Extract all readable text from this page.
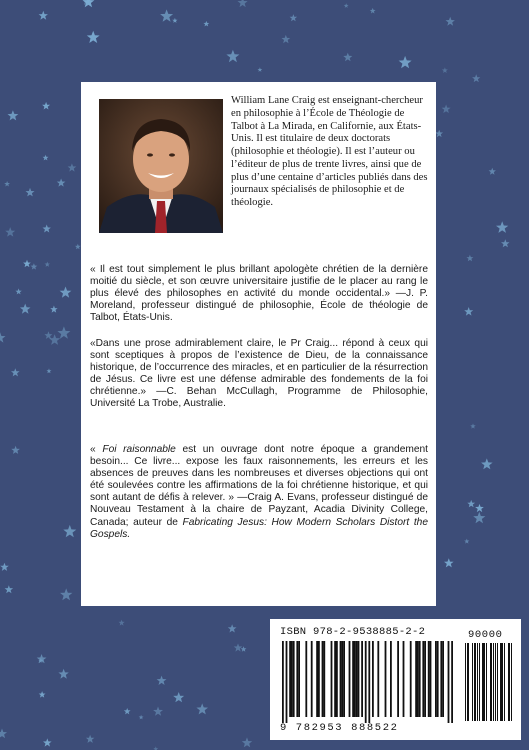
William Lane Craig est enseignant-chercheur en philosophie à l’École de Théologie de Talbot à La Mirada, en Californie, aux États-Unis. Il est titulaire de deux doctorats (philosophie et théologie). Il est l’auteur ou l’éditeur de plus de trente livres, ainsi que de plus d’une centaine d’articles publiés dans des journaux spécialisés de philosophie et de théologie.

« Il est tout simplement le plus brillant apologète chrétien de la dernière moitié du siècle, et son œuvre universitaire justifie de le placer au rang le plus élevé des philosophes en activité du monde occidental.» —J. P. Moreland, professeur distingué de philosophie, École de théologie de Talbot, États-Unis.

«Dans une prose admirablement claire, le Pr Craig... répond à ceux qui sont sceptiques à propos de l’existence de Dieu, de la connaissance historique, de l’occurrence des miracles, et en particulier de la résurrection de Jésus. Ce livre est une défense admirable des fondements de la foi chrétienne.» —C. Behan McCullagh, Programme de Philosophie, Université La Trobe, Australie.

« Foi raisonnable est un ouvrage dont notre époque a grandement besoin... Ce livre... expose les faux raisonnements, les erreurs et les absences de preuves dans les nombreuses et diverses objections qui ont été soulevées contre les affirmations de la foi chrétienne historique, et qui sont autant de défis à relever. » —Craig A. Evans, professeur distingué de Nouveau Testament à la chaire de Payzant, Acadia Divinity College, Canada; auteur de Fabricating Jesus: How Modern Scholars Distort the Gospels.

ISBN 978-2-9538885-2-2
9 782953 888522
90000
